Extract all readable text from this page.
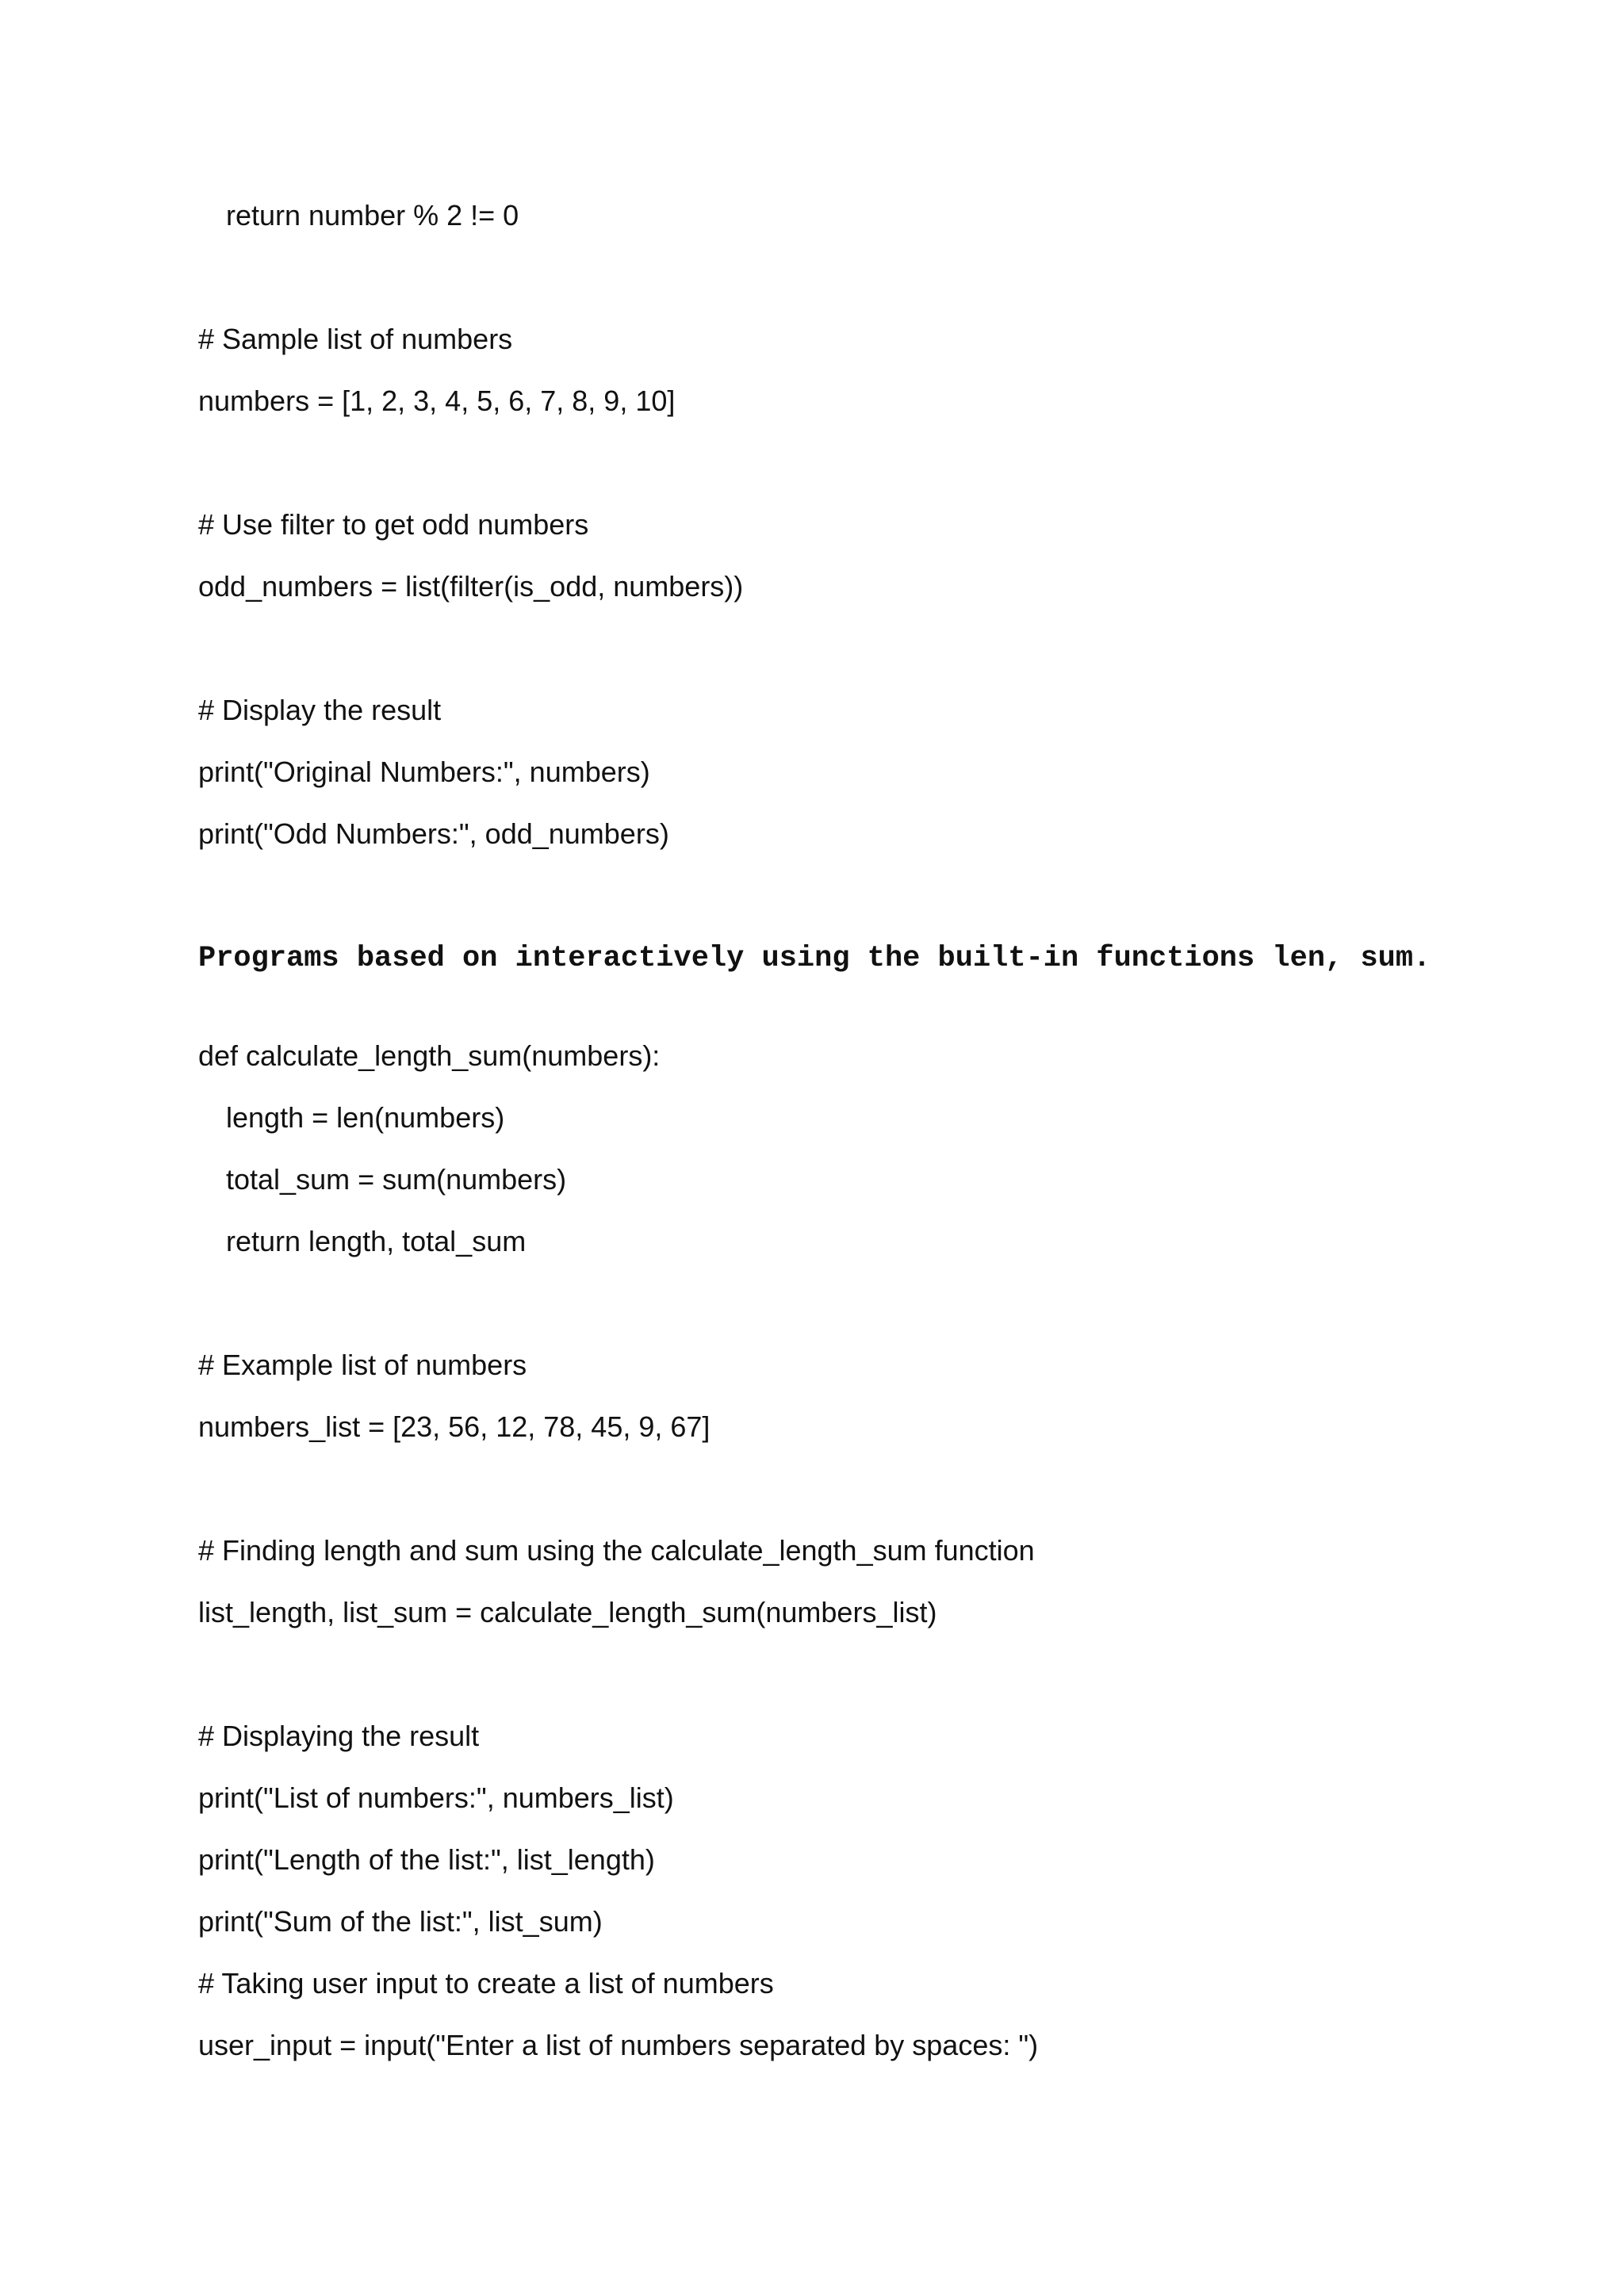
return number % 2 != 0
# Sample list of numbers
numbers = [1, 2, 3, 4, 5, 6, 7, 8, 9, 10]
# Use filter to get odd numbers
odd_numbers = list(filter(is_odd, numbers))
# Display the result
print("Original Numbers:", numbers)
print("Odd Numbers:", odd_numbers)
Programs based on interactively using the built-in functions len, sum.
def calculate_length_sum(numbers):
length = len(numbers)
total_sum = sum(numbers)
return length, total_sum
# Example list of numbers
numbers_list = [23, 56, 12, 78, 45, 9, 67]
# Finding length and sum using the calculate_length_sum function
list_length, list_sum = calculate_length_sum(numbers_list)
# Displaying the result
print("List of numbers:", numbers_list)
print("Length of the list:", list_length)
print("Sum of the list:", list_sum)
# Taking user input to create a list of numbers
user_input = input("Enter a list of numbers separated by spaces: ")
